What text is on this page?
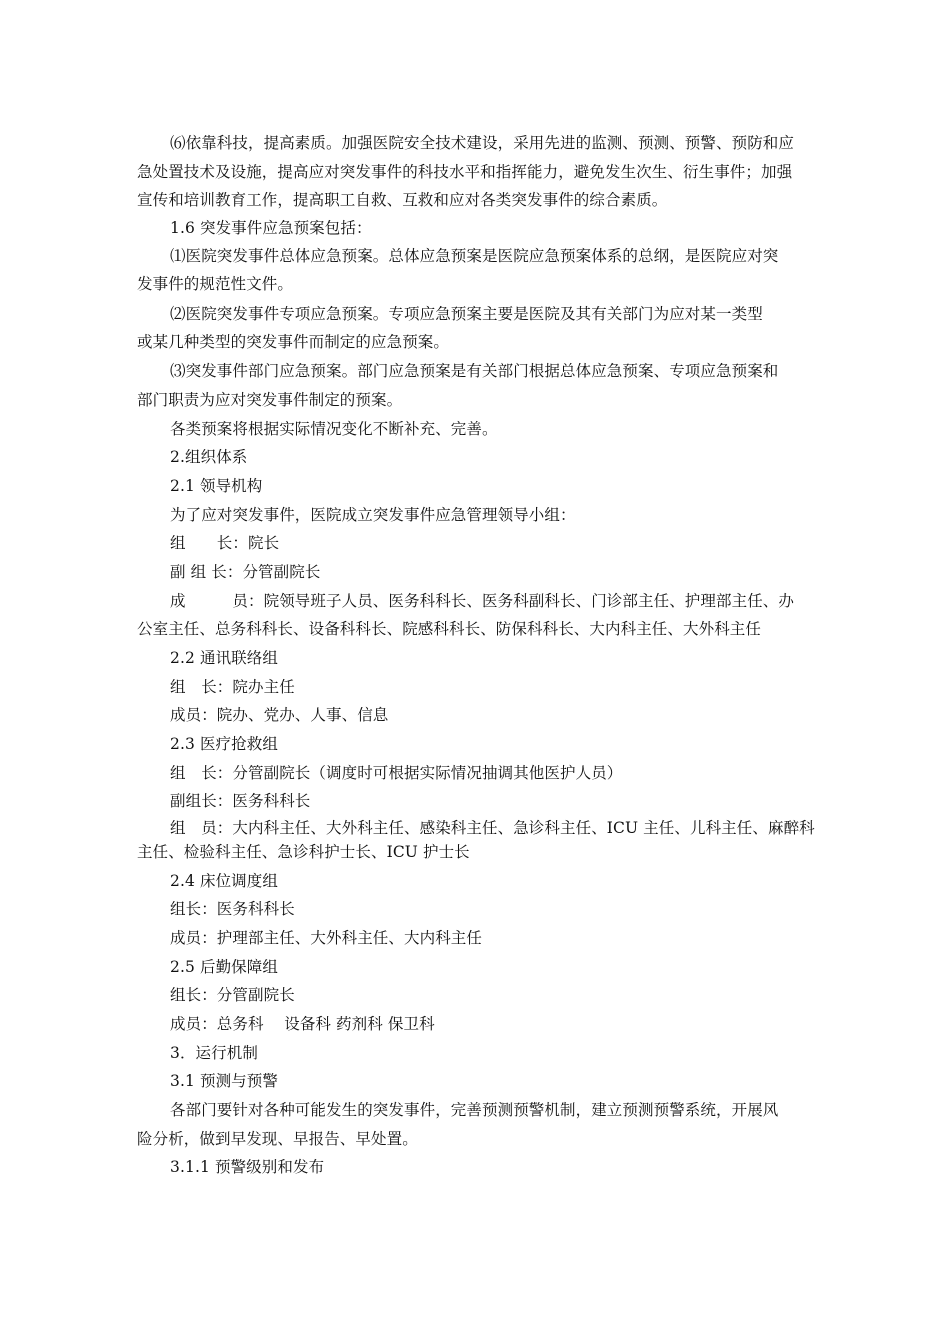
⑹依靠科技，提高素质。加强医院安全技术建设，采用先进的监测、预测、预警、预防和应
急处置技术及设施，提高应对突发事件的科技水平和指挥能力，避免发生次生、衍生事件；加强
宣传和培训教育工作，提高职工自救、互救和应对各类突发事件的综合素质。
1.6 突发事件应急预案包括：
⑴医院突发事件总体应急预案。总体应急预案是医院应急预案体系的总纲，是医院应对突
发事件的规范性文件。
⑵医院突发事件专项应急预案。专项应急预案主要是医院及其有关部门为应对某一类型
或某几种类型的突发事件而制定的应急预案。
⑶突发事件部门应急预案。部门应急预案是有关部门根据总体应急预案、专项应急预案和
部门职责为应对突发事件制定的预案。
各类预案将根据实际情况变化不断补充、完善。
2.组织体系
2.1 领导机构
为了应对突发事件，医院成立突发事件应急管理领导小组：
组　　长：院长
副 组 长：分管副院长
成　　　员：院领导班子人员、医务科科长、医务科副科长、门诊部主任、护理部主任、办
公室主任、总务科科长、设备科科长、院感科科长、防保科科长、大内科主任、大外科主任
2.2 通讯联络组
组　长：院办主任
成员：院办、党办、人事、信息
2.3 医疗抢救组
组　长：分管副院长（调度时可根据实际情况抽调其他医护人员）
副组长：医务科科长
组　员：大内科主任、大外科主任、感染科主任、急诊科主任、ICU 主任、儿科主任、麻醉科
主任、检验科主任、急诊科护士长、ICU 护士长
2.4 床位调度组
组长：医务科科长
成员：护理部主任、大外科主任、大内科主任
2.5 后勤保障组
组长：分管副院长
成员：总务科　 设备科 药剂科 保卫科
3．运行机制
3.1 预测与预警
各部门要针对各种可能发生的突发事件，完善预测预警机制，建立预测预警系统，开展风
险分析，做到早发现、早报告、早处置。
3.1.1 预警级别和发布
